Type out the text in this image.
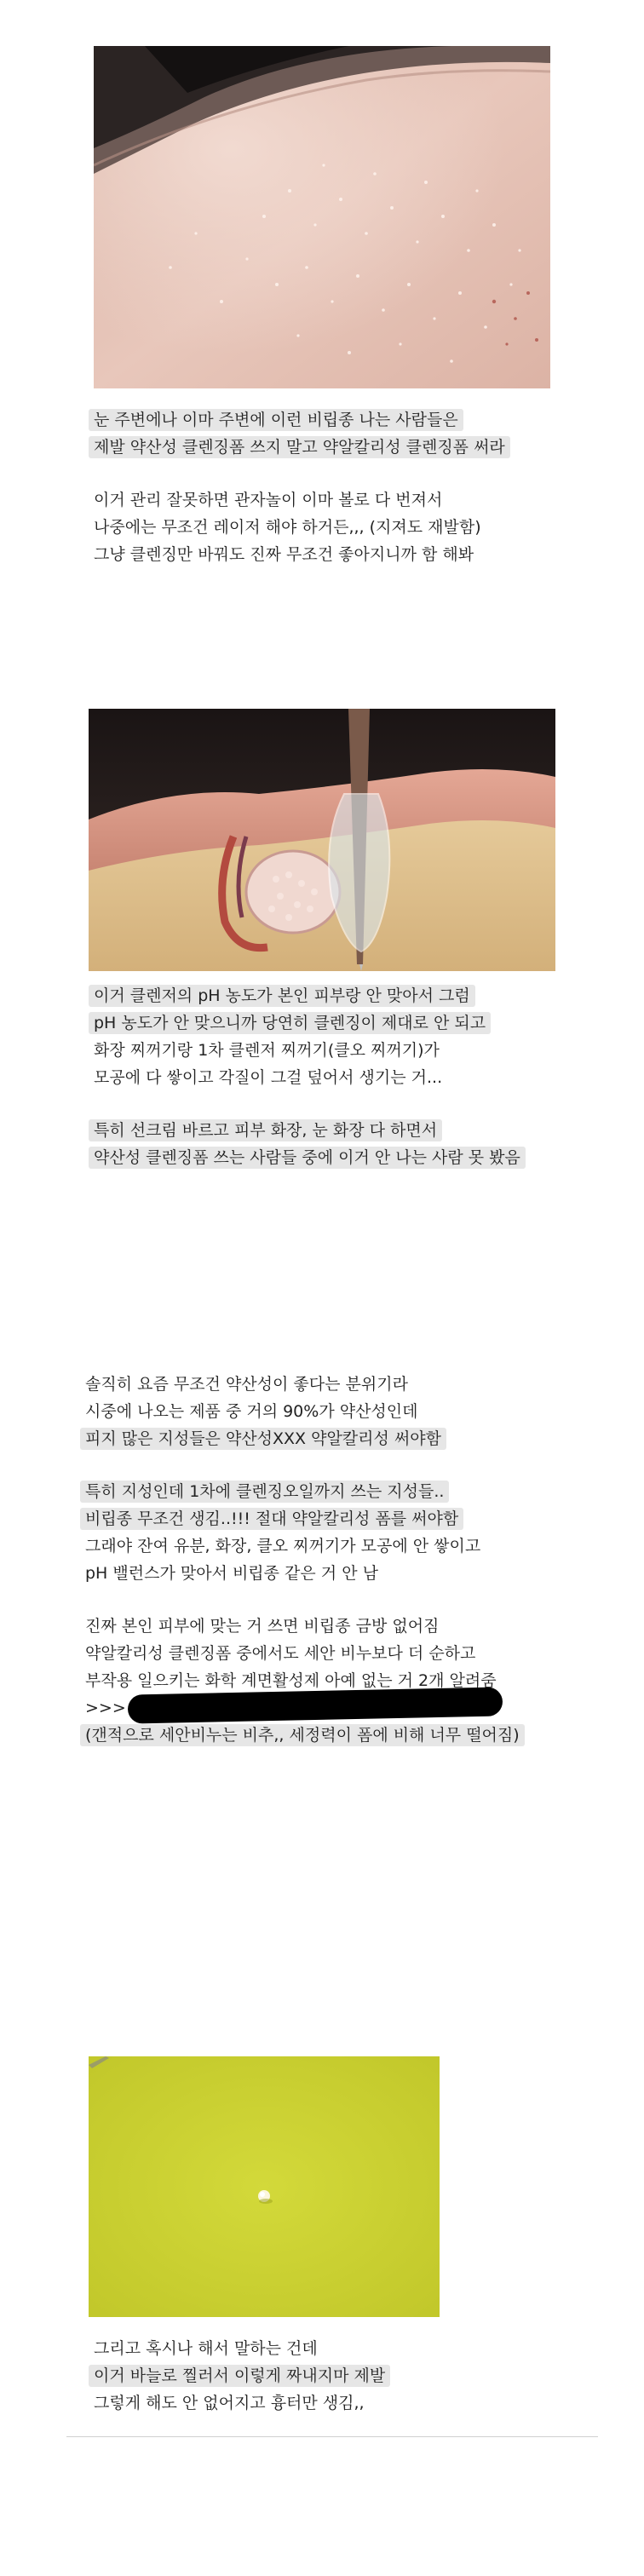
눈 주변에나 이마 주변에 이런 비립종 나는 사람들은
제발 약산성 클렌징폼 쓰지 말고 약알칼리성 클렌징폼 써라
이거 관리 잘못하면 관자놀이 이마 볼로 다 번져서
나중에는 무조건 레이저 해야 하거든,,, (지져도 재발함)
그냥 클렌징만 바꿔도 진짜 무조건 좋아지니까 함 해봐
이거 클렌저의 pH 농도가 본인 피부랑 안 맞아서 그럼
pH 농도가 안 맞으니까 당연히 클렌징이 제대로 안 되고
화장 찌꺼기랑 1차 클렌저 찌꺼기(클오 찌꺼기)가
모공에 다 쌓이고 각질이 그걸 덮어서 생기는 거...
특히 선크림 바르고 피부 화장, 눈 화장 다 하면서
약산성 클렌징폼 쓰는 사람들 중에 이거 안 나는 사람 못 봤음
솔직히 요즘 무조건 약산성이 좋다는 분위기라
시중에 나오는 제품 중 거의 90%가 약산성인데
피지 많은 지성들은 약산성XXX 약알칼리성 써야함
특히 지성인데 1차에 클렌징오일까지 쓰는 지성들..
비립종 무조건 생김..!!! 절대 약알칼리성 폼를 써야함
그래야 잔여 유분, 화장, 클오 찌꺼기가 모공에 안 쌓이고
pH 밸런스가 맞아서 비립종 같은 거 안 남
진짜 본인 피부에 맞는 거 쓰면 비립종 금방 없어짐
약알칼리성 클렌징폼 중에서도 세안 비누보다 더 순하고
부작용 일으키는 화학 계면활성제 아예 없는 거 2개 알려줌
>>>
(갠적으로 세안비누는 비추,, 세정력이 폼에 비해 너무 떨어짐)
그리고 혹시나 해서 말하는 건데
이거 바늘로 찔러서 이렇게 짜내지마 제발
그렇게 해도 안 없어지고 흉터만 생김,,
